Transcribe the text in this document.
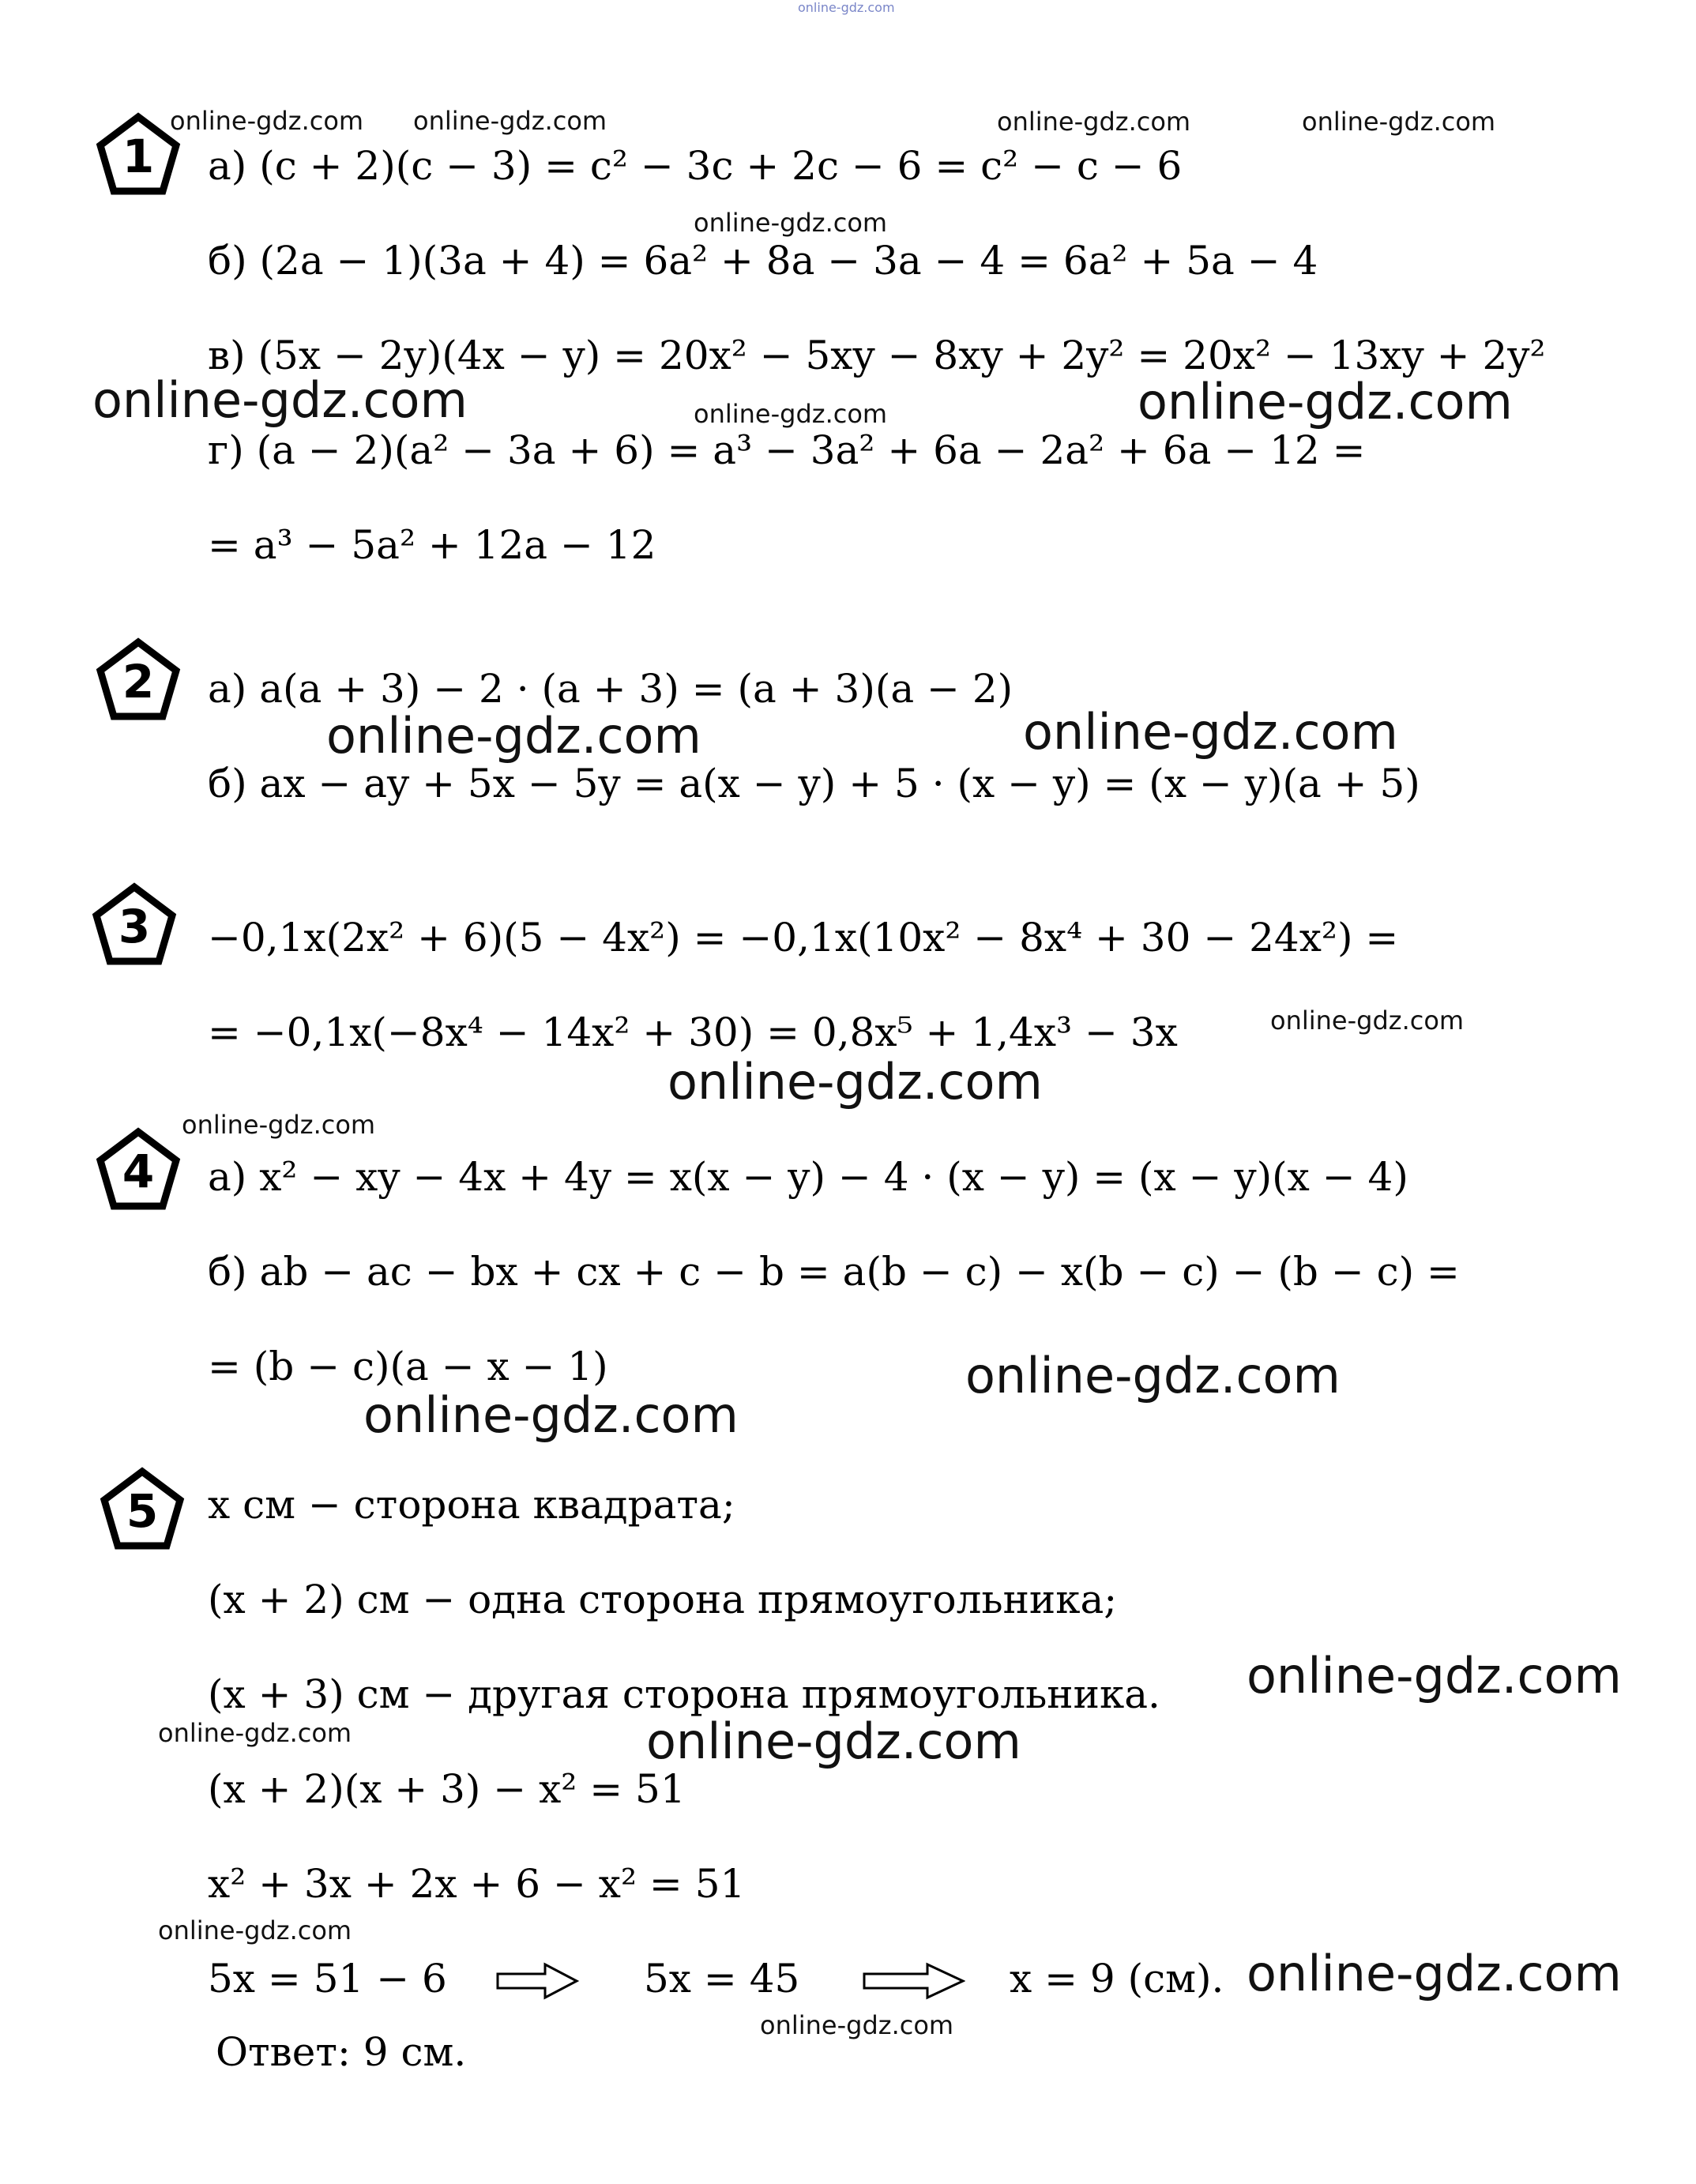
online-gdz.com
1
2
3
4
5
а) (c + 2)(c − 3) = c² − 3c + 2c − 6 = c² − c − 6
б) (2a − 1)(3a + 4) = 6a² + 8a − 3a − 4 = 6a² + 5a − 4
в) (5x − 2y)(4x − y) = 20x² − 5xy − 8xy + 2y² = 20x² − 13xy + 2y²
г) (a − 2)(a² − 3a + 6) = a³ − 3a² + 6a − 2a² + 6a − 12 =
= a³ − 5a² + 12a − 12
а) a(a + 3) − 2 · (a + 3) = (a + 3)(a − 2)
б) ax − ay + 5x − 5y = a(x − y) + 5 · (x − y) = (x − y)(a + 5)
−0,1x(2x² + 6)(5 − 4x²) = −0,1x(10x² − 8x⁴ + 30 − 24x²) =
= −0,1x(−8x⁴ − 14x² + 30) = 0,8x⁵ + 1,4x³ − 3x
а) x² − xy − 4x + 4y = x(x − y) − 4 · (x − y) = (x − y)(x − 4)
б) ab − ac − bx + cx + c − b = a(b − c) − x(b − c) − (b − c) =
= (b − c)(a − x − 1)
x см − сторона квадрата;
(x + 2) см − одна сторона прямоугольника;
(x + 3) см − другая сторона прямоугольника.
(x + 2)(x + 3) − x² = 51
x² + 3x + 2x + 6 − x² = 51
5x = 51 − 6	5x = 45	x = 9 (см).
Ответ: 9 см.
online-gdz.com online-gdz.com	online-gdz.com	online-gdz.com
online-gdz.com
online-gdz.com	online-gdz.com
online-gdz.com
online-gdz.com	online-gdz.com
online-gdz.com
online-gdz.com
online-gdz.com
online-gdz.com
online-gdz.com
online-gdz.com
online-gdz.com	online-gdz.com
online-gdz.com
online-gdz.com
online-gdz.com
